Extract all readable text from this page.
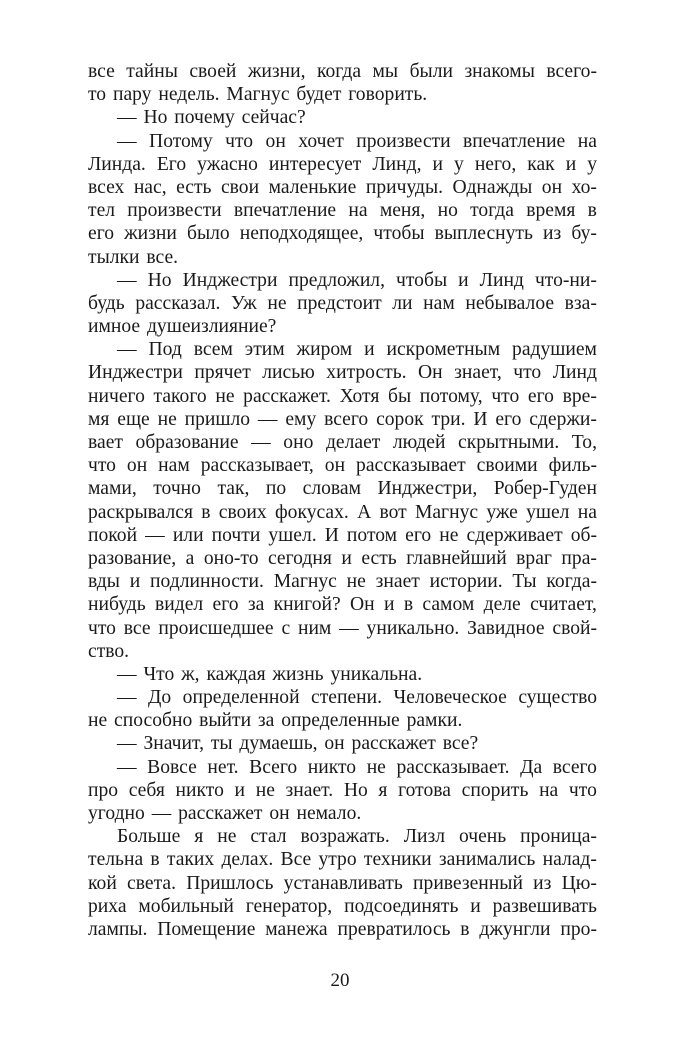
все тайны своей жизни, когда мы были знакомы всего-
то пару недель. Магнус будет говорить.
— Но почему сейчас?
— Потому что он хочет произвести впечатление на
Линда. Его ужасно интересует Линд, и у него, как и у
всех нас, есть свои маленькие причуды. Однажды он хо-
тел произвести впечатление на меня, но тогда время в
его жизни было неподходящее, чтобы выплеснуть из бу-
тылки все.
— Но Инджестри предложил, чтобы и Линд что-ни-
будь рассказал. Уж не предстоит ли нам небывалое вза-
имное душеизлияние?
— Под всем этим жиром и искрометным радушием
Инджестри прячет лисью хитрость. Он знает, что Линд
ничего такого не расскажет. Хотя бы потому, что его вре-
мя еще не пришло — ему всего сорок три. И его сдержи-
вает образование — оно делает людей скрытными. То,
что он нам рассказывает, он рассказывает своими филь-
мами, точно так, по словам Инджестри, Робер-Гуден
раскрывался в своих фокусах. А вот Магнус уже ушел на
покой — или почти ушел. И потом его не сдерживает об-
разование, а оно-то сегодня и есть главнейший враг пра-
вды и подлинности. Магнус не знает истории. Ты когда-
нибудь видел его за книгой? Он и в самом деле считает,
что все происшедшее с ним — уникально. Завидное свой-
ство.
— Что ж, каждая жизнь уникальна.
— До определенной степени. Человеческое существо
не способно выйти за определенные рамки.
— Значит, ты думаешь, он расскажет все?
— Вовсе нет. Всего никто не рассказывает. Да всего
про себя никто и не знает. Но я готова спорить на что
угодно — расскажет он немало.
Больше я не стал возражать. Лизл очень проница-
тельна в таких делах. Все утро техники занимались налад-
кой света. Пришлось устанавливать привезенный из Цю-
риха мобильный генератор, подсоединять и развешивать
лампы. Помещение манежа превратилось в джунгли про-
20
